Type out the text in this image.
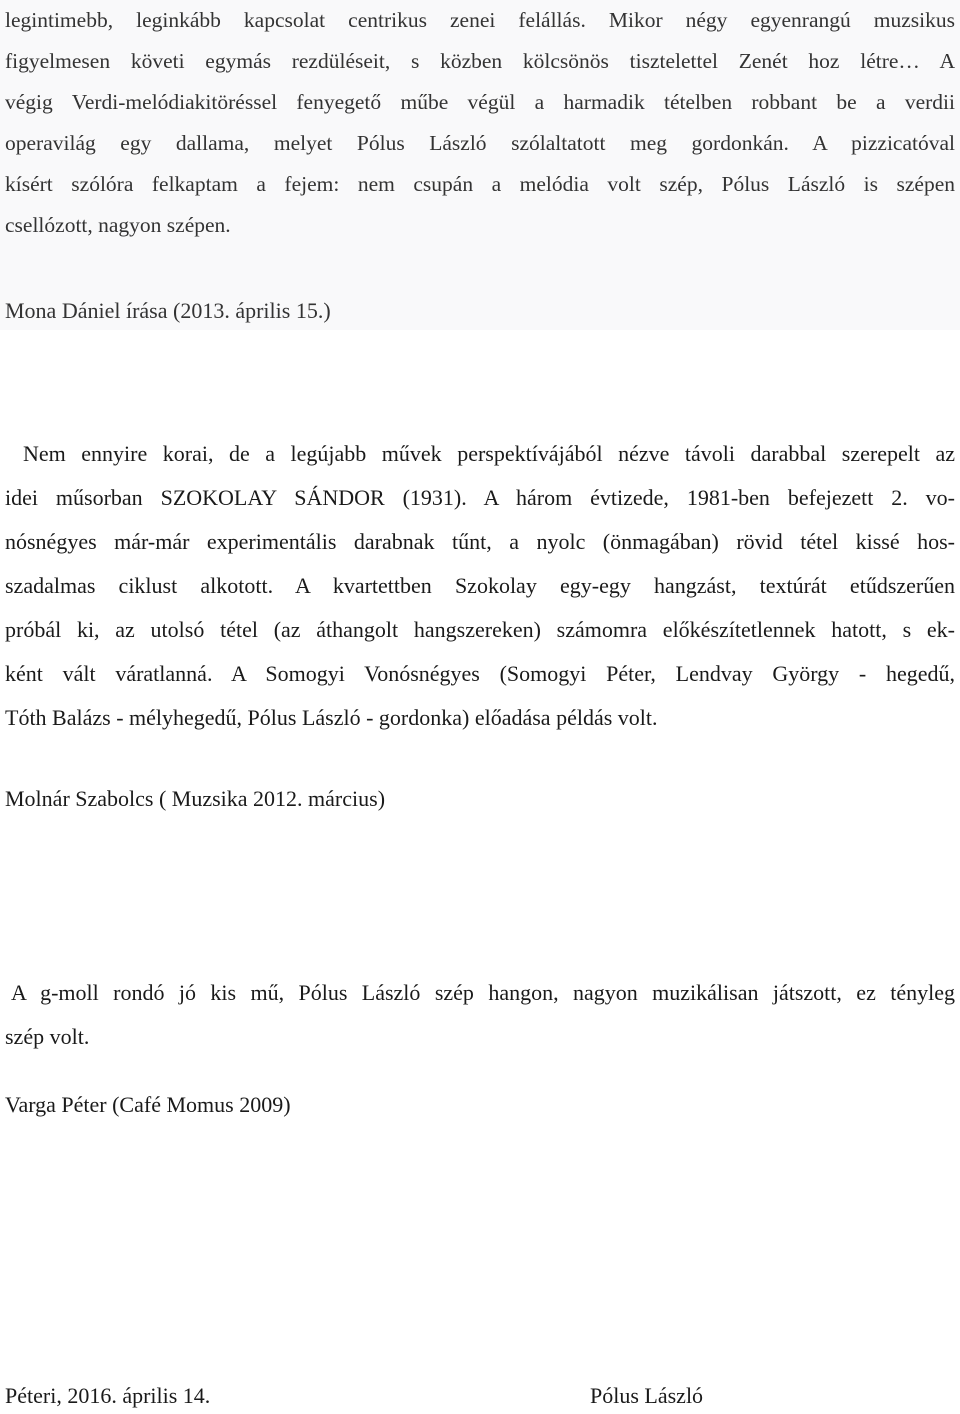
legintimebb, leginkább kapcsolat centrikus zenei felállás. Mikor négy egyenrangú muzsikus
figyelmesen követi egymás rezdüléseit, s közben kölcsönös tisztelettel Zenét hoz létre… A
végig Verdi-melódiakitöréssel fenyegető műbe végül a harmadik tételben robbant be a verdii
operavilág egy dallama, melyet Pólus László szólaltatott meg gordonkán. A pizzicatóval
kísért szólóra felkaptam a fejem: nem csupán a melódia volt szép, Pólus László is szépen
csellózott, nagyon szépen.
Mona Dániel írása (2013. április 15.)
Nem ennyire korai, de a legújabb művek perspektívájából nézve távoli darabbal szerepelt az
idei műsorban SZOKOLAY SÁNDOR (1931). A három évtizede, 1981-ben befejezett 2. vo-
nósnégyes már-már experimentális darabnak tűnt, a nyolc (önmagában) rövid tétel kissé hos-
szadalmas ciklust alkotott. A kvartettben Szokolay egy-egy hangzást, textúrát etűdszerűen
próbál ki, az utolsó tétel (az áthangolt hangszereken) számomra előkészítetlennek hatott, s ek-
ként vált váratlanná. A Somogyi Vonósnégyes (Somogyi Péter, Lendvay György - hegedű,
Tóth Balázs - mélyhegedű, Pólus László - gordonka) előadása példás volt.
Molnár Szabolcs ( Muzsika 2012. március)
A g-moll rondó jó kis mű, Pólus László szép hangon, nagyon muzikálisan játszott, ez tényleg
szép volt.
Varga Péter (Café Momus 2009)
Péteri, 2016. április 14.	Pólus László
